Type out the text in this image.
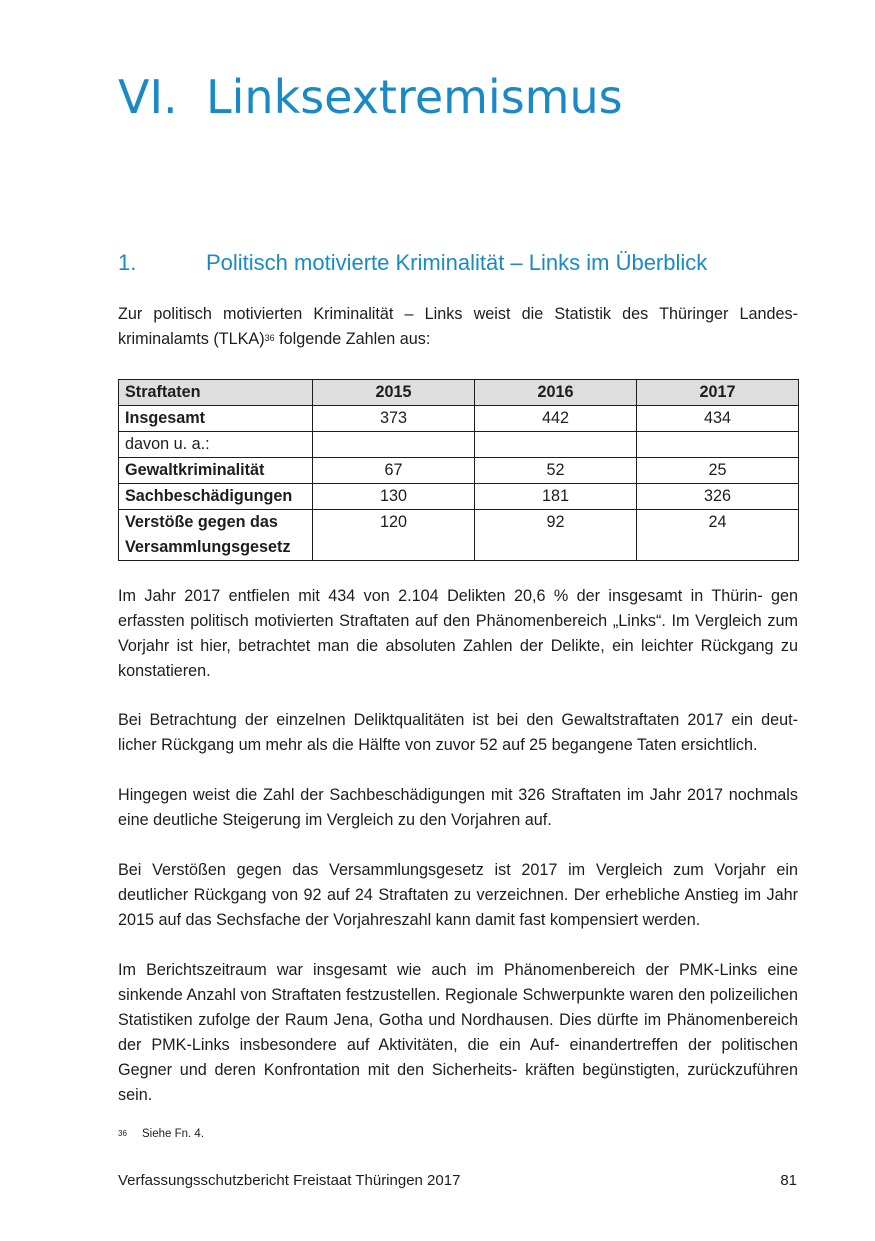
VI. Linksextremismus
1.	Politisch motivierte Kriminalität – Links im Überblick

Zur politisch motivierten Kriminalität – Links weist die Statistik des Thüringer Landes- kriminalamts (TLKA)$^{36}$ folgende Zahlen aus:

Straftaten	2015	2016	2017
Insgesamt	373	442	434
davon u. a.:			
Gewaltkriminalität	67	52	25
Sachbeschädigungen	130	181	326
Verstöße gegen das Versammlungsgesetz	120	92	24

Im Jahr 2017 entfielen mit 434 von 2.104 Delikten 20,6 % der insgesamt in Thürin- gen erfassten politisch motivierten Straftaten auf den Phänomenbereich „Links“. Im Vergleich zum Vorjahr ist hier, betrachtet man die absoluten Zahlen der Delikte, ein leichter Rückgang zu konstatieren.

Bei Betrachtung der einzelnen Deliktqualitäten ist bei den Gewaltstraftaten 2017 ein deut- licher Rückgang um mehr als die Hälfte von zuvor 52 auf 25 begangene Taten ersichtlich.

Hingegen weist die Zahl der Sachbeschädigungen mit 326 Straftaten im Jahr 2017 nochmals eine deutliche Steigerung im Vergleich zu den Vorjahren auf.

Bei Verstößen gegen das Versammlungsgesetz ist 2017 im Vergleich zum Vorjahr ein deutlicher Rückgang von 92 auf 24 Straftaten zu verzeichnen. Der erhebliche Anstieg im Jahr 2015 auf das Sechsfache der Vorjahreszahl kann damit fast kompensiert werden.

Im Berichtszeitraum war insgesamt wie auch im Phänomenbereich der PMK-Links eine sinkende Anzahl von Straftaten festzustellen. Regionale Schwerpunkte waren den polizeilichen Statistiken zufolge der Raum Jena, Gotha und Nordhausen. Dies dürfte im Phänomenbereich der PMK-Links insbesondere auf Aktivitäten, die ein Auf- einandertreffen der politischen Gegner und deren Konfrontation mit den Sicherheits- kräften begünstigten, zurückzuführen sein.

36 Siehe Fn. 4.
Verfassungsschutzbericht Freistaat Thüringen 2017	81
